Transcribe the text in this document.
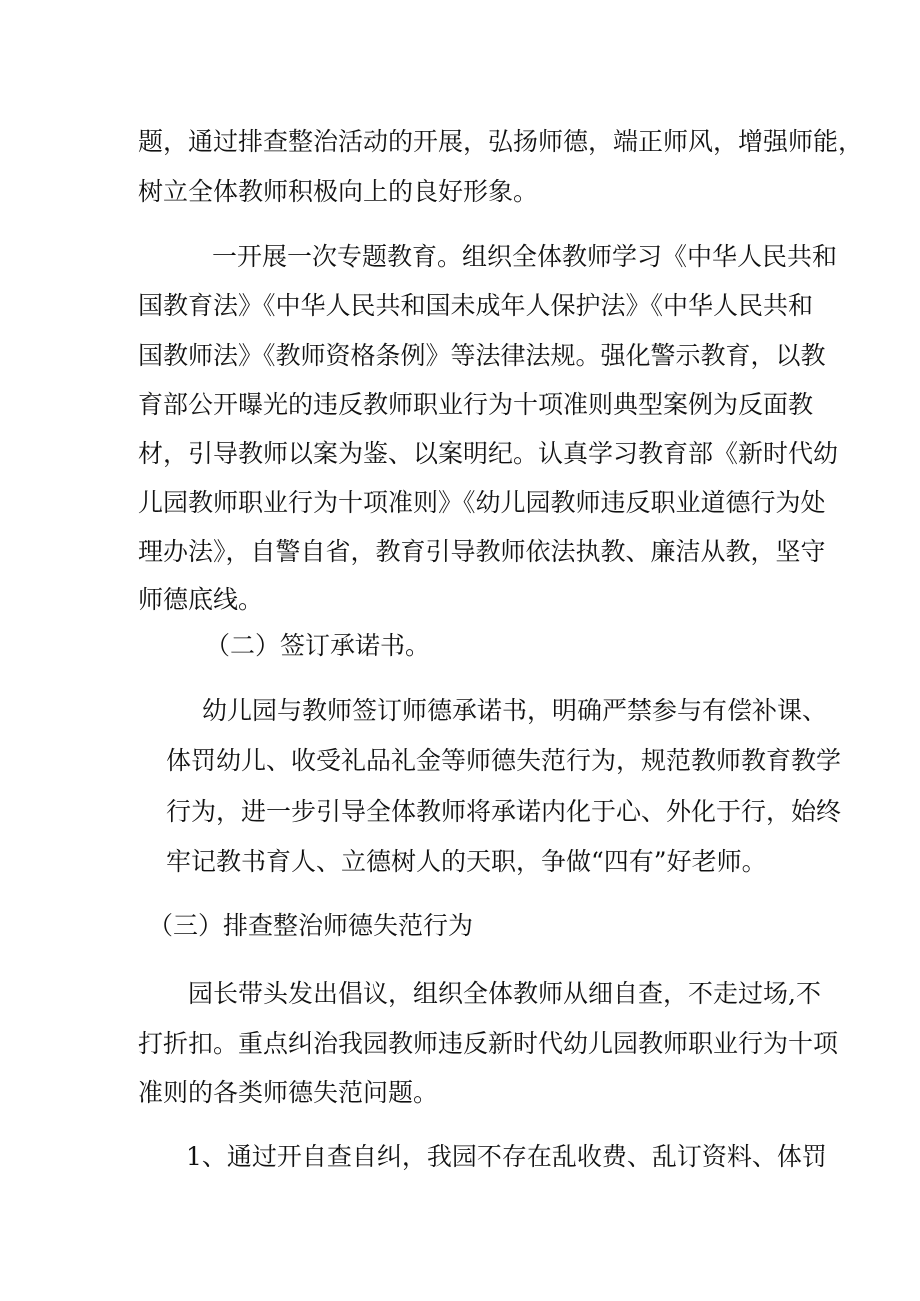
题，通过排查整治活动的开展，弘扬师德，端正师风，增强师能，

树立全体教师积极向上的良好形象。

一开展一次专题教育。组织全体教师学习《中华人民共和

国教育法》《中华人民共和国未成年人保护法》《中华人民共和

国教师法》《教师资格条例》等法律法规。强化警示教育，以教

育部公开曝光的违反教师职业行为十项准则典型案例为反面教

材，引导教师以案为鉴、以案明纪。认真学习教育部《新时代幼

儿园教师职业行为十项准则》《幼儿园教师违反职业道德行为处

理办法》，自警自省，教育引导教师依法执教、廉洁从教，坚守

师德底线。

（二）签订承诺书。

幼儿园与教师签订师德承诺书，明确严禁参与有偿补课、

体罚幼儿、收受礼品礼金等师德失范行为，规范教师教育教学

行为，进一步引导全体教师将承诺内化于心、外化于行，始终

牢记教书育人、立德树人的天职，争做“四有”好老师。

（三）排查整治师德失范行为

园长带头发出倡议，组织全体教师从细自查，不走过场,不

打折扣。重点纠治我园教师违反新时代幼儿园教师职业行为十项

准则的各类师德失范问题。

1、通过开自查自纠，我园不存在乱收费、乱订资料、体罚
